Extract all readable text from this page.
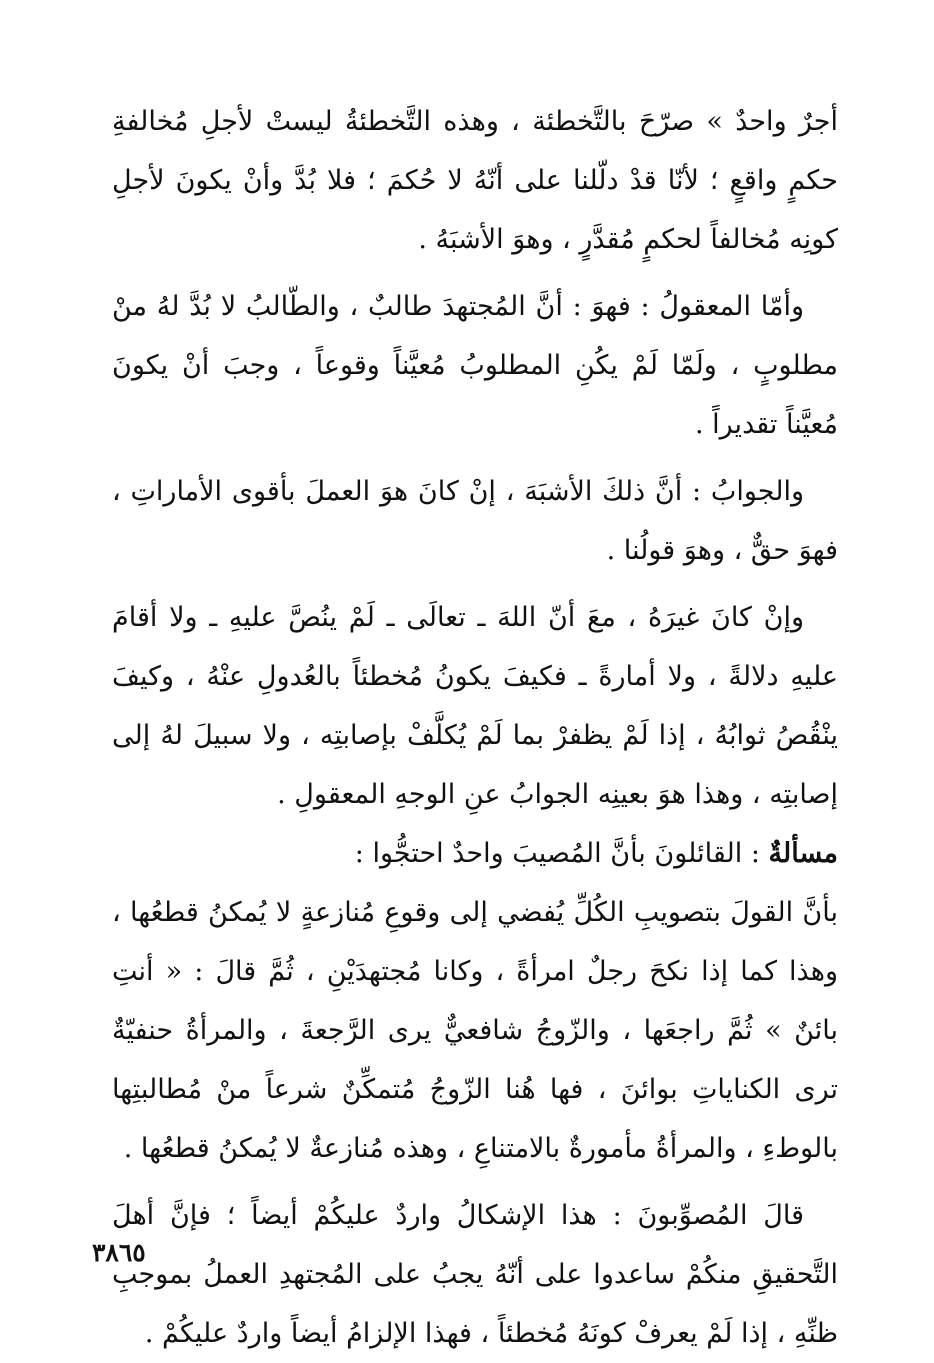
أجرٌ واحدٌ » صرّحَ بالتَّخطئة ، وهذه التَّخطئةُ ليستْ لأجلِ مُخالفةِ حكمٍ واقعٍ ؛ لأنّا قدْ دلّلنا على أنّهُ لا حُكمَ ؛ فلا بُدَّ وأنْ يكونَ لأجلِ كونِه مُخالفاً لحكمٍ مُقدَّرٍ ، وهوَ الأشبَهُ .

وأمّا المعقولُ : فهوَ : أنَّ المُجتهدَ طالبٌ ، والطّالبُ لا بُدَّ لهُ منْ مطلوبٍ ، ولَمّا لَمْ يكُنِ المطلوبُ مُعيَّناً وقوعاً ، وجبَ أنْ يكونَ مُعيَّناً تقديراً .

والجوابُ : أنَّ ذلكَ الأشبَهَ ، إنْ كانَ هوَ العملَ بأقوى الأماراتِ ، فهوَ حقٌّ ، وهوَ قولُنا .

وإنْ كانَ غيرَهُ ، معَ أنّ اللهَ ـ تعالَى ـ لَمْ ينُصَّ عليهِ ـ ولا أقامَ عليهِ دلالةً ، ولا أمارةً ـ فكيفَ يكونُ مُخطئاً بالعُدولِ عنْهُ ، وكيفَ ينْقُصُ ثوابُهُ ، إذا لَمْ يظفرْ بما لَمْ يُكلَّفْ بإصابتِه ، ولا سبيلَ لهُ إلى إصابتِه ، وهذا هوَ بعينِه الجوابُ عنِ الوجهِ المعقولِ .

مسألةٌ : القائلونَ بأنَّ المُصيبَ واحدٌ احتجُّوا :

بأنَّ القولَ بتصويبِ الكُلِّ يُفضي إلى وقوعِ مُنازعةٍ لا يُمكنُ قطعُها ، وهذا كما إذا نكحَ رجلٌ امرأةً ، وكانا مُجتهدَيْنِ ، ثُمَّ قالَ : « أنتِ بائنٌ » ثُمَّ راجعَها ، والزّوجُ شافعيٌّ يرى الرَّجعةَ ، والمرأةُ حنفيّةٌ ترى الكناياتِ بوائنَ ، فها هُنا الزّوجُ مُتمكِّنٌ شرعاً منْ مُطالبتِها بالوطءِ ، والمرأةُ مأمورةٌ بالامتناعِ ، وهذه مُنازعةٌ لا يُمكنُ قطعُها .

قالَ المُصوِّبونَ : هذا الإشكالُ واردٌ عليكُمْ أيضاً ؛ فإنَّ أهلَ التَّحقيقِ منكُمْ ساعدوا على أنّهُ يجبُ على المُجتهدِ العملُ بموجبِ ظنِّهِ ، إذا لَمْ يعرفْ كونَهُ مُخطئاً ، فهذا الإلزامُ أيضاً واردٌ عليكُمْ .

٣٨٦٥
